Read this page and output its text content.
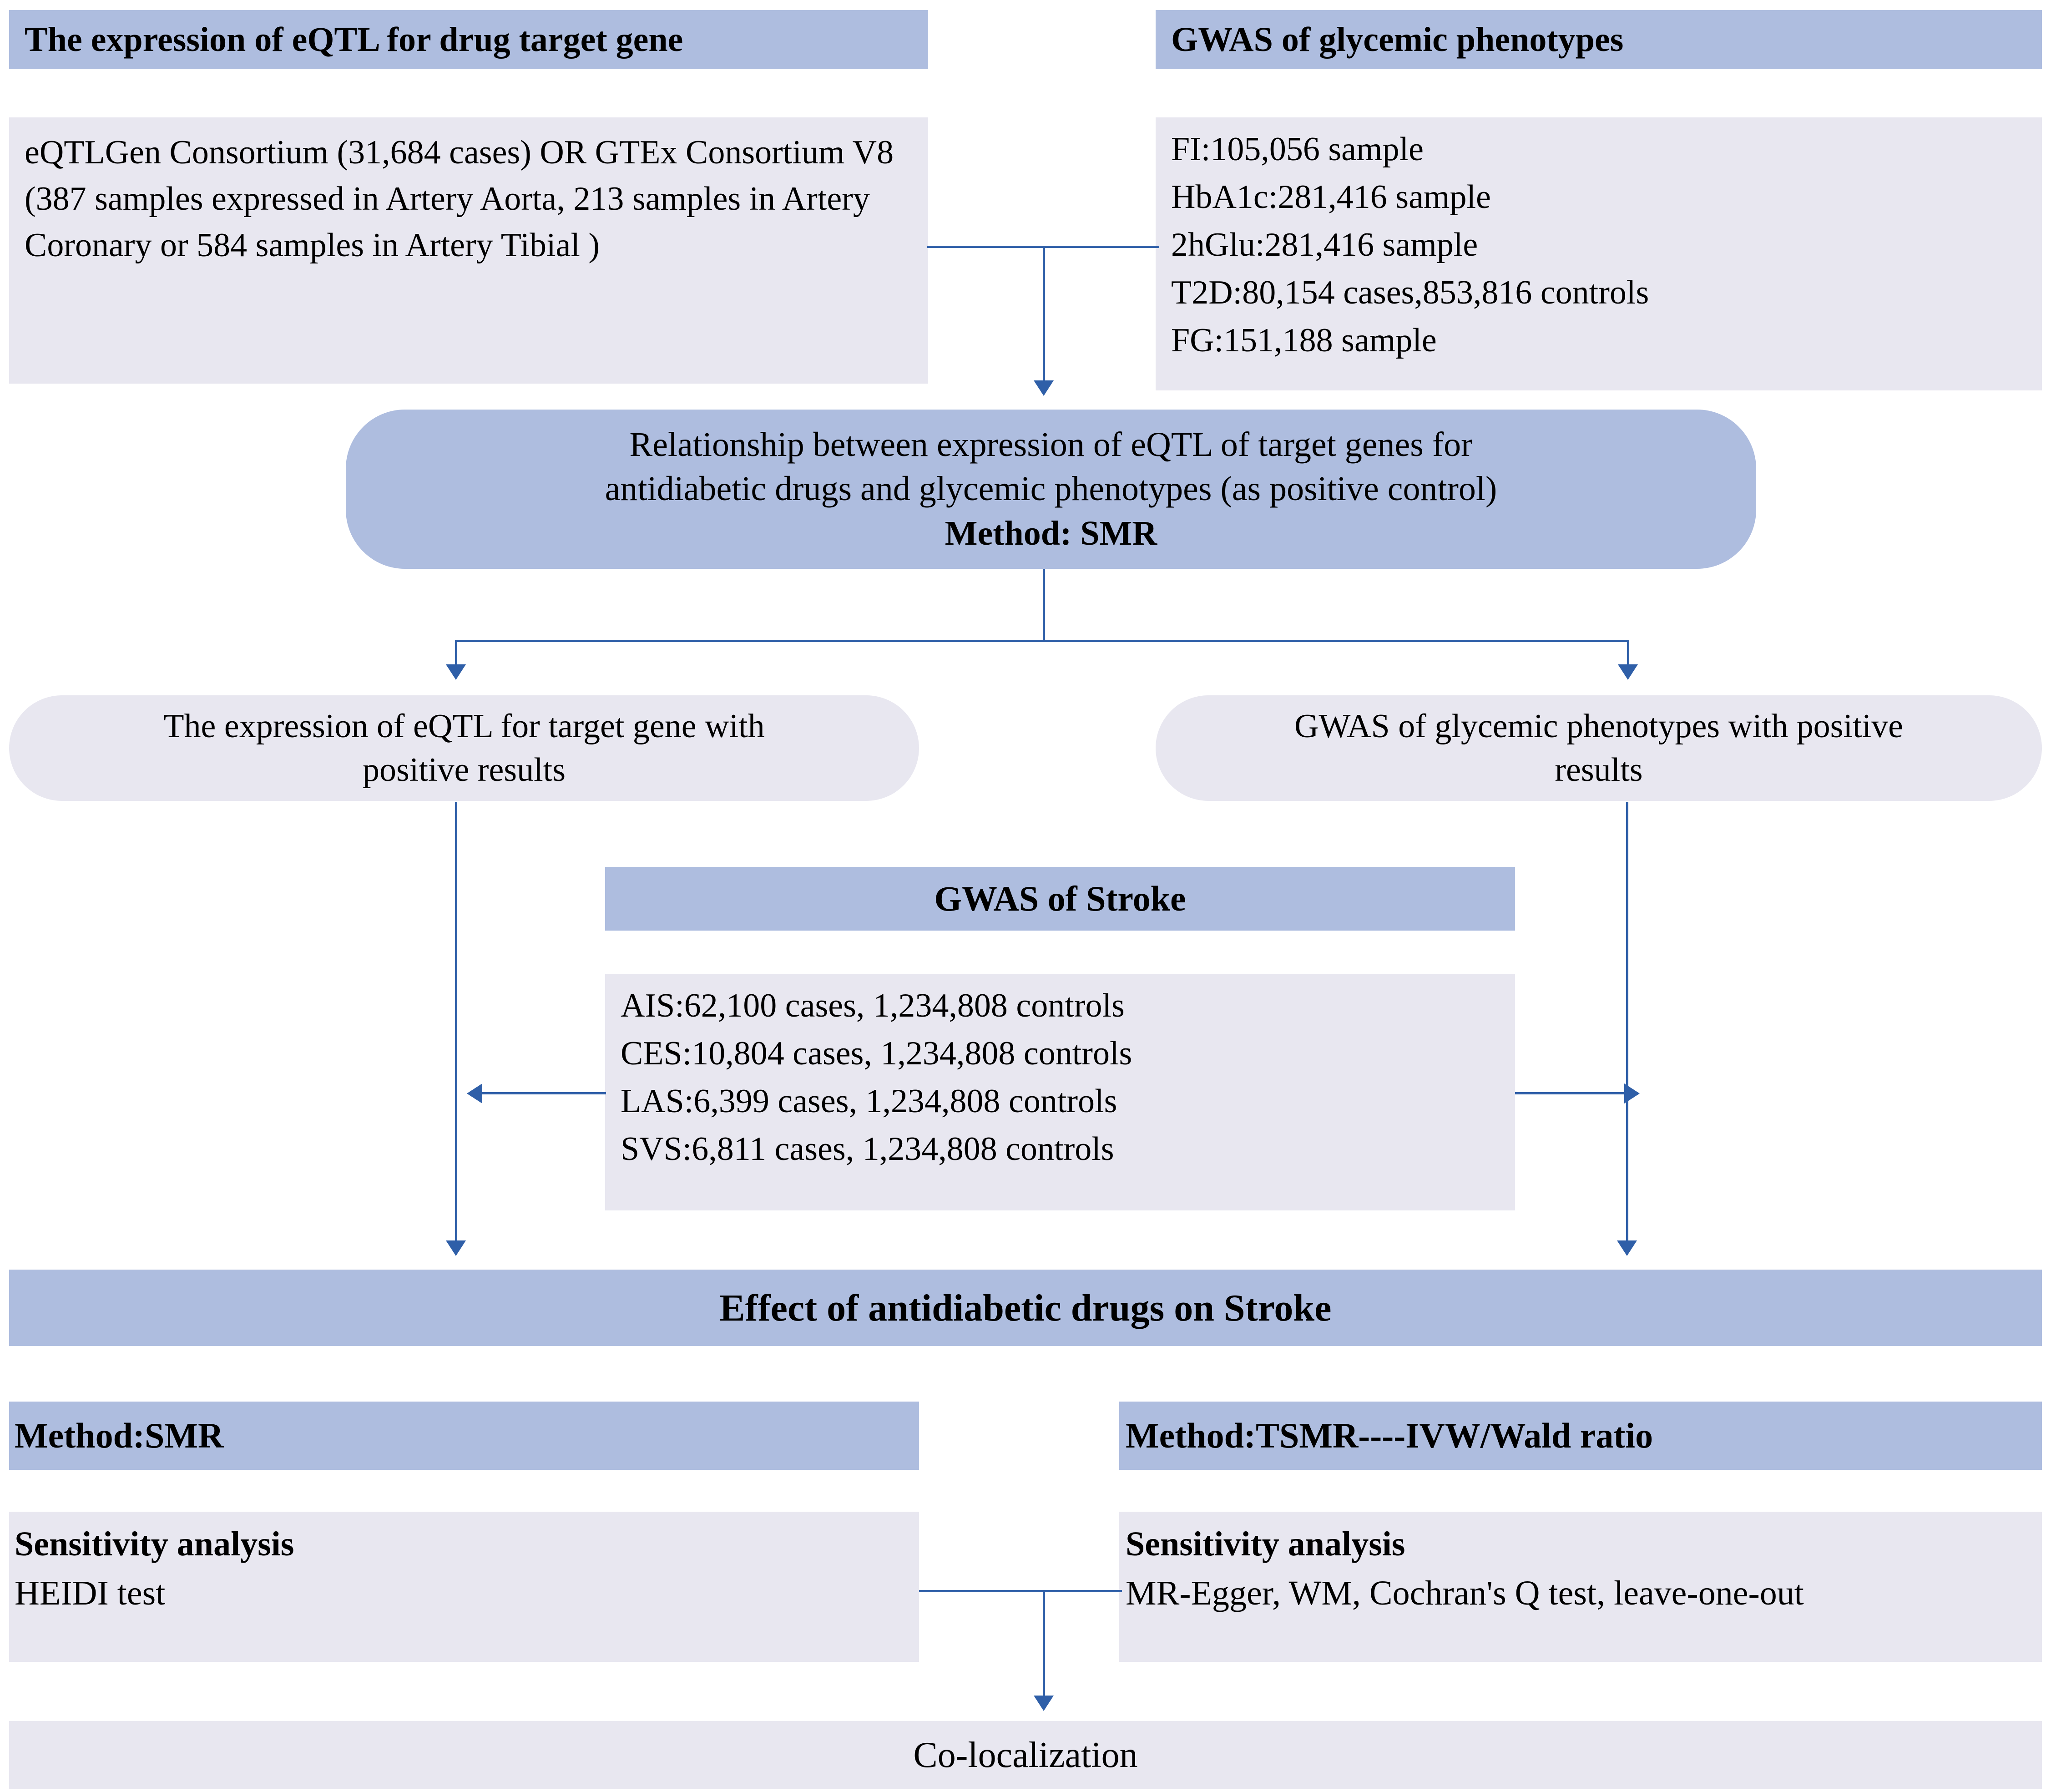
The expression of eQTL for drug target gene
eQTLGen Consortium (31,684 cases) OR GTEx Consortium V8 (387 samples expressed in Artery Aorta, 213 samples in Artery Coronary or 584 samples in Artery Tibial )
GWAS of glycemic phenotypes
FI:105,056 sample
HbA1c:281,416 sample
2hGlu:281,416 sample
T2D:80,154 cases,853,816 controls
FG:151,188 sample
Relationship between expression of eQTL of target genes for
antidiabetic drugs and glycemic phenotypes (as positive control)
Method: SMR
The expression of eQTL for target gene with
positive results
GWAS of glycemic phenotypes with positive
results
GWAS of Stroke
AIS:62,100 cases, 1,234,808 controls
CES:10,804 cases, 1,234,808 controls
LAS:6,399 cases, 1,234,808 controls
SVS:6,811 cases, 1,234,808 controls
Effect of antidiabetic drugs on Stroke
Method:SMR	Method:TSMR----IVW/Wald ratio
Sensitivity analysis
HEIDI test
Sensitivity analysis
MR-Egger, WM, Cochran's Q test, leave-one-out
Co-localization
